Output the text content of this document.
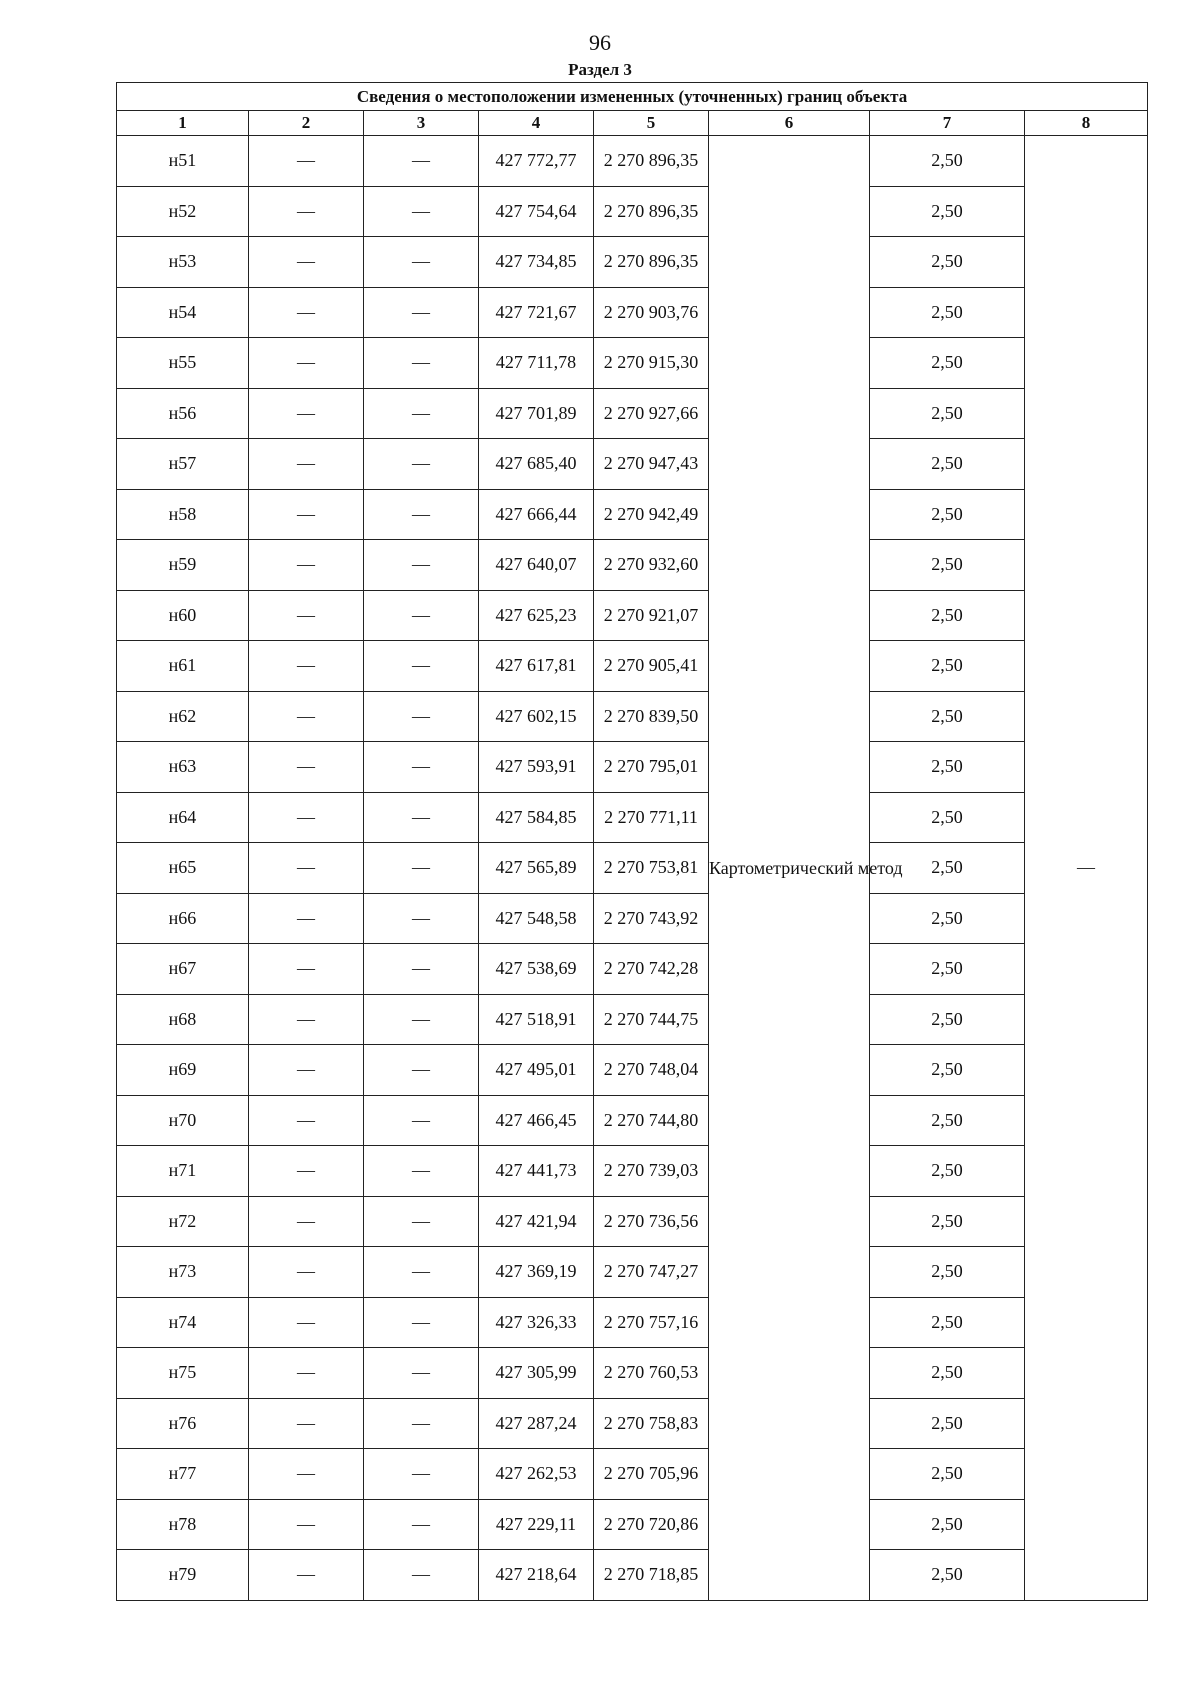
96
Раздел 3
Сведения о местоположении измененных (уточненных) границ объекта							
1	2	3	4	5	6	7	8
н51	—	—	427 772,77	2 270 896,35	Картометрический метод	2,50	—
н52	—	—	427 754,64	2 270 896,35		2,50	
н53	—	—	427 734,85	2 270 896,35		2,50	
н54	—	—	427 721,67	2 270 903,76		2,50	
н55	—	—	427 711,78	2 270 915,30		2,50	
н56	—	—	427 701,89	2 270 927,66		2,50	
н57	—	—	427 685,40	2 270 947,43		2,50	
н58	—	—	427 666,44	2 270 942,49		2,50	
н59	—	—	427 640,07	2 270 932,60		2,50	
н60	—	—	427 625,23	2 270 921,07		2,50	
н61	—	—	427 617,81	2 270 905,41		2,50	
н62	—	—	427 602,15	2 270 839,50		2,50	
н63	—	—	427 593,91	2 270 795,01		2,50	
н64	—	—	427 584,85	2 270 771,11		2,50	
н65	—	—	427 565,89	2 270 753,81		2,50	
н66	—	—	427 548,58	2 270 743,92		2,50	
н67	—	—	427 538,69	2 270 742,28		2,50	
н68	—	—	427 518,91	2 270 744,75		2,50	
н69	—	—	427 495,01	2 270 748,04		2,50	
н70	—	—	427 466,45	2 270 744,80		2,50	
н71	—	—	427 441,73	2 270 739,03		2,50	
н72	—	—	427 421,94	2 270 736,56		2,50	
н73	—	—	427 369,19	2 270 747,27		2,50	
н74	—	—	427 326,33	2 270 757,16		2,50	
н75	—	—	427 305,99	2 270 760,53		2,50	
н76	—	—	427 287,24	2 270 758,83		2,50	
н77	—	—	427 262,53	2 270 705,96		2,50	
н78	—	—	427 229,11	2 270 720,86		2,50	
н79	—	—	427 218,64	2 270 718,85		2,50	
